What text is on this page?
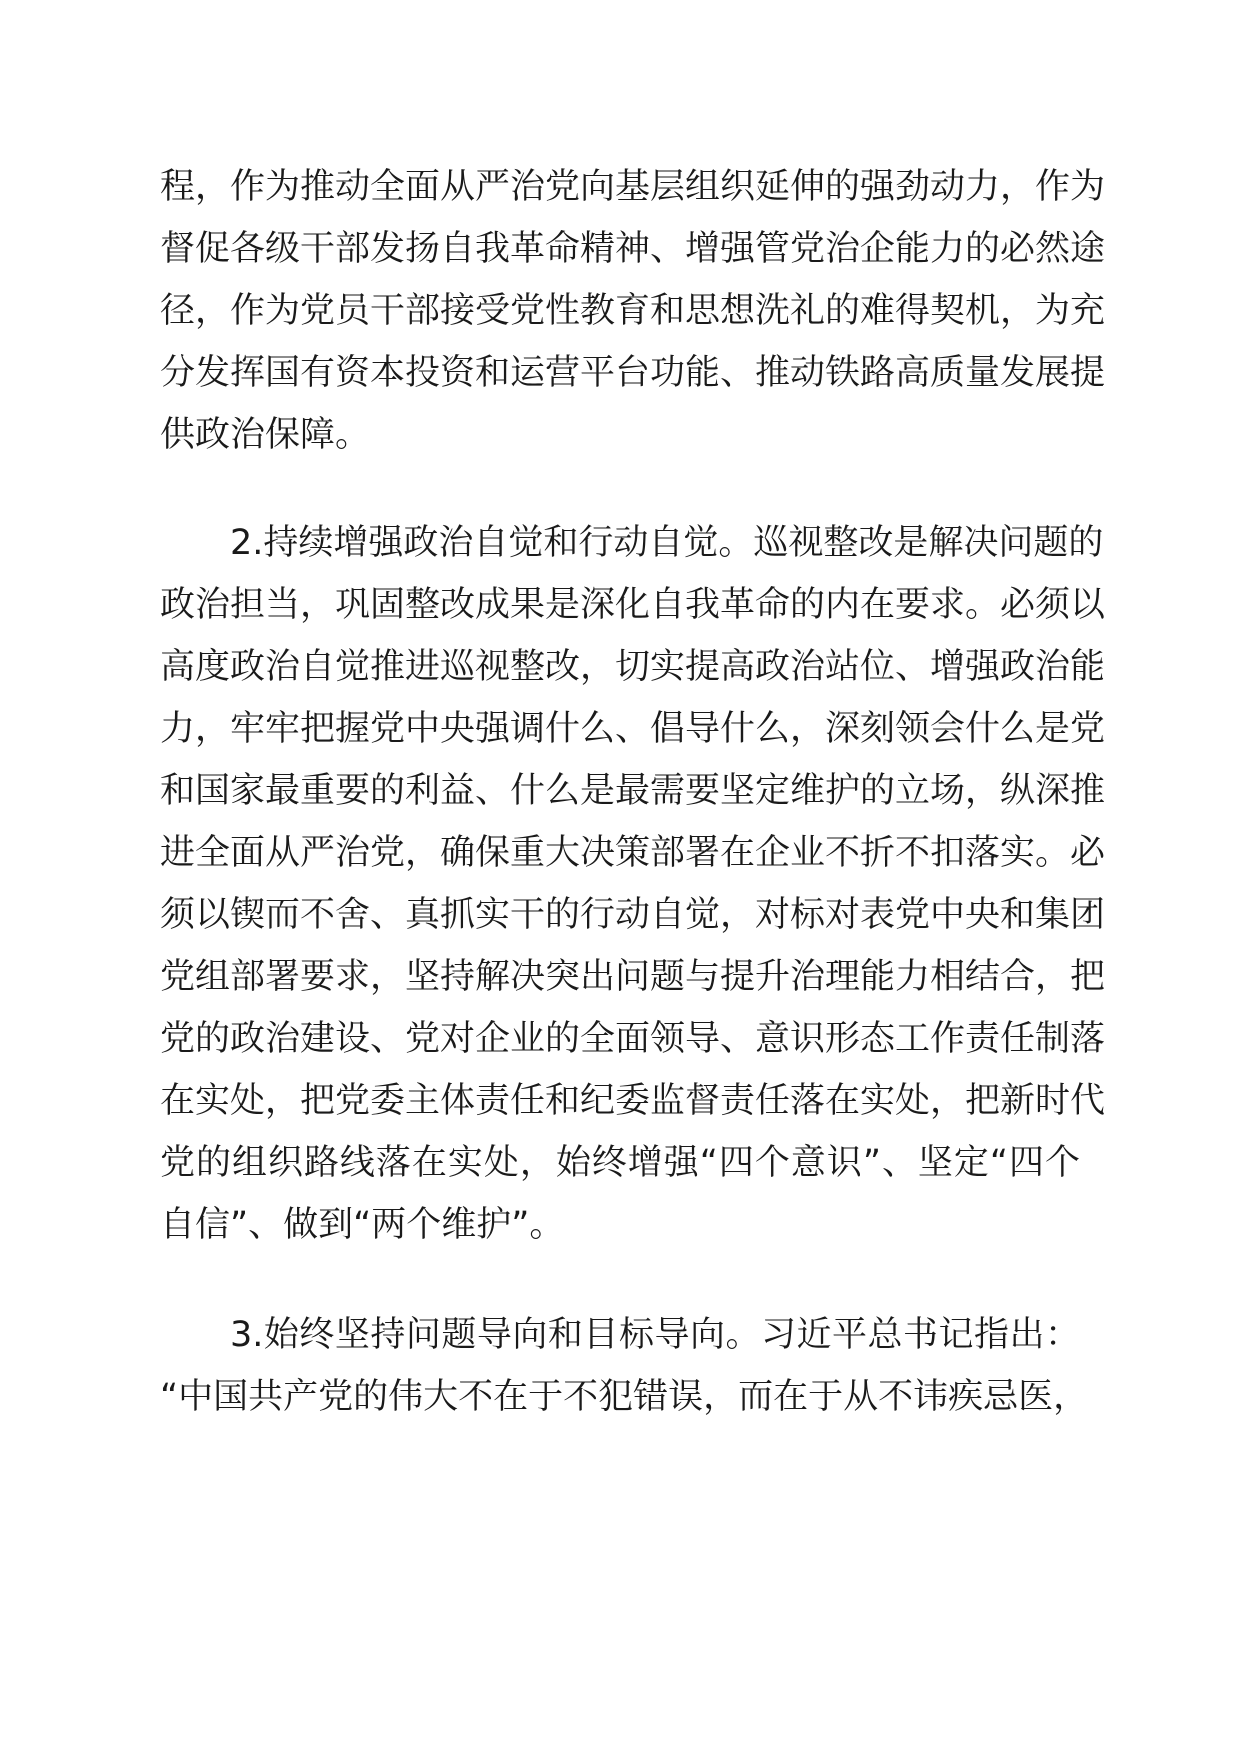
程，作为推动全面从严治党向基层组织延伸的强劲动力，作为
督促各级干部发扬自我革命精神、增强管党治企能力的必然途
径，作为党员干部接受党性教育和思想洗礼的难得契机，为充
分发挥国有资本投资和运营平台功能、推动铁路高质量发展提
供政治保障。
2.持续增强政治自觉和行动自觉。巡视整改是解决问题的
政治担当，巩固整改成果是深化自我革命的内在要求。必须以
高度政治自觉推进巡视整改，切实提高政治站位、增强政治能
力，牢牢把握党中央强调什么、倡导什么，深刻领会什么是党
和国家最重要的利益、什么是最需要坚定维护的立场，纵深推
进全面从严治党，确保重大决策部署在企业不折不扣落实。必
须以锲而不舍、真抓实干的行动自觉，对标对表党中央和集团
党组部署要求，坚持解决突出问题与提升治理能力相结合，把
党的政治建设、党对企业的全面领导、意识形态工作责任制落
在实处，把党委主体责任和纪委监督责任落在实处，把新时代
党的组织路线落在实处，始终增强“四个意识”、坚定“四个
自信”、做到“两个维护”。
3.始终坚持问题导向和目标导向。习近平总书记指出：
“中国共产党的伟大不在于不犯错误，而在于从不讳疾忌医，
